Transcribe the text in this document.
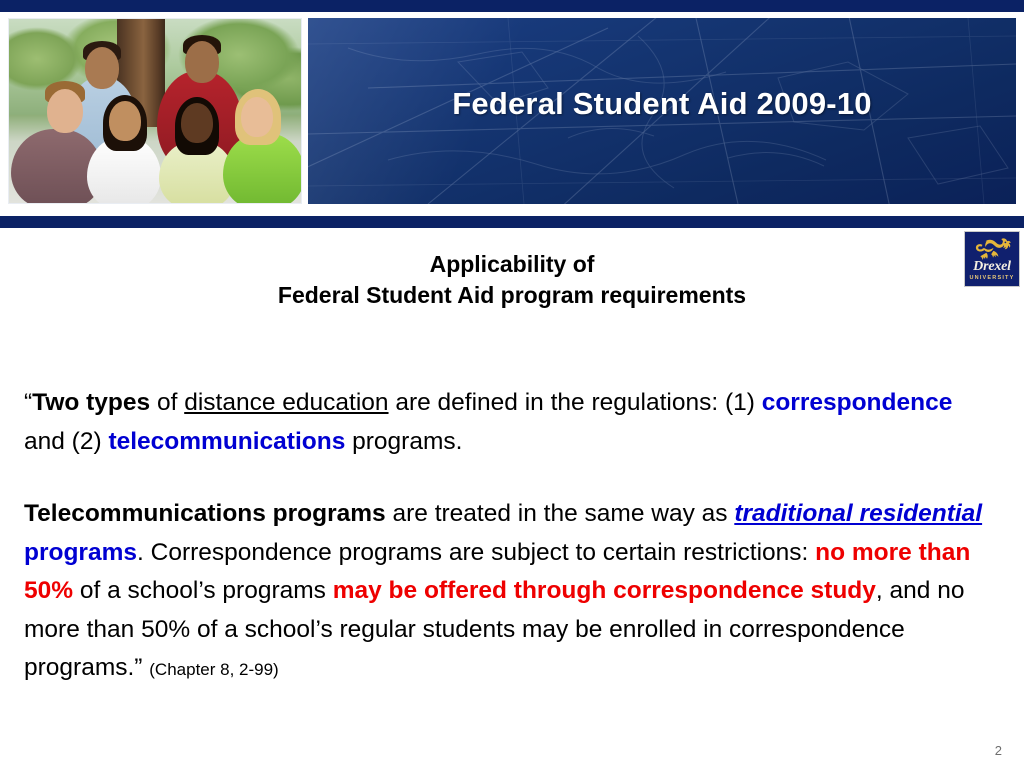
Federal Student Aid 2009-10
Drexel
UNIVERSITY
Applicability of
Federal Student Aid program requirements

“Two types of distance education are defined in the regulations: (1) correspondence and (2) telecommunications programs.

Telecommunications programs are treated in the same way as traditional residential programs. Correspondence programs are subject to certain restrictions: no more than 50% of a school’s programs may be offered through correspondence study, and no more than 50% of a school’s regular students may be enrolled in correspondence programs.” (Chapter 8, 2-99)

2
